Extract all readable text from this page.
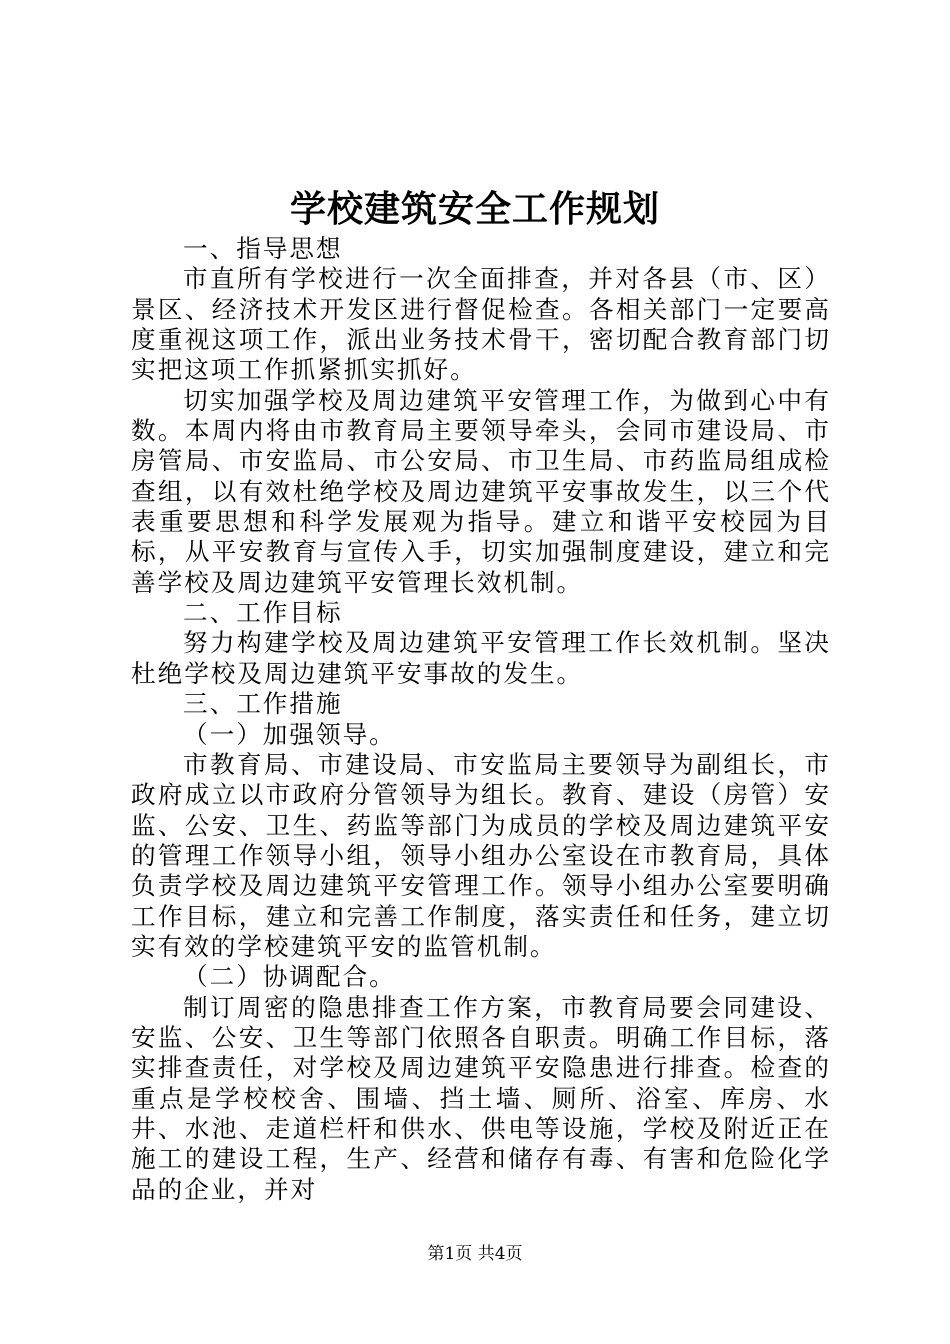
学校建筑安全工作规划

一、指导思想

市直所有学校进行一次全面排查，并对各县（市、区）景区、经济技术开发区进行督促检查。各相关部门一定要高度重视这项工作，派出业务技术骨干，密切配合教育部门切实把这项工作抓紧抓实抓好。

切实加强学校及周边建筑平安管理工作，为做到心中有数。本周内将由市教育局主要领导牵头，会同市建设局、市房管局、市安监局、市公安局、市卫生局、市药监局组成检查组，以有效杜绝学校及周边建筑平安事故发生，以三个代表重要思想和科学发展观为指导。建立和谐平安校园为目标，从平安教育与宣传入手，切实加强制度建设，建立和完善学校及周边建筑平安管理长效机制。

二、工作目标

努力构建学校及周边建筑平安管理工作长效机制。坚决杜绝学校及周边建筑平安事故的发生。

三、工作措施

（一）加强领导。

市教育局、市建设局、市安监局主要领导为副组长，市政府成立以市政府分管领导为组长。教育、建设（房管）安监、公安、卫生、药监等部门为成员的学校及周边建筑平安的管理工作领导小组，领导小组办公室设在市教育局，具体负责学校及周边建筑平安管理工作。领导小组办公室要明确工作目标，建立和完善工作制度，落实责任和任务，建立切实有效的学校建筑平安的监管机制。

（二）协调配合。

制订周密的隐患排查工作方案，市教育局要会同建设、安监、公安、卫生等部门依照各自职责。明确工作目标，落实排查责任，对学校及周边建筑平安隐患进行排查。检查的重点是学校校舍、围墙、挡土墙、厕所、浴室、库房、水井、水池、走道栏杆和供水、供电等设施，学校及附近正在施工的建设工程，生产、经营和储存有毒、有害和危险化学品的企业，并对

第1页 共4页
